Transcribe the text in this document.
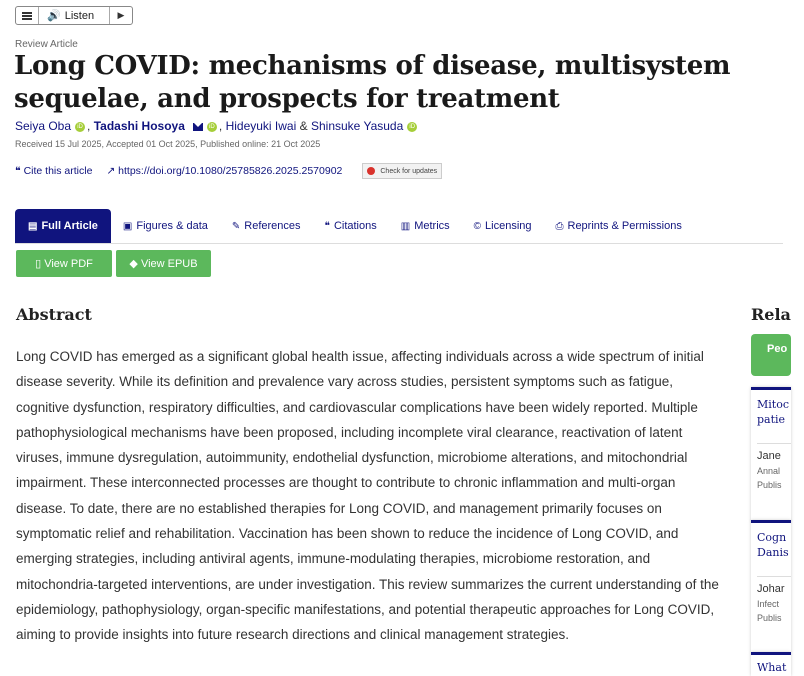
🔊 Listen	▶
Review Article
Long COVID: mechanisms of disease, multisystem sequelae, and prospects for treatment
Seiya Oba iD , Tadashi Hosoya	iD , Hideyuki Iwai & Shinsuke Yasuda iD
Received 15 Jul 2025, Accepted 01 Oct 2025, Published online: 21 Oct 2025
❝ Cite this article ↗ https://doi.org/10.1080/25785826.2025.2570902	Check for updates
▤ Full Article	▣ Figures & data ✎ References ❝ Citations ▥ Metrics © Licensing ⎙ Reprints & Permissions
▯
View PDF	◆
View EPUB
Abstract

Long COVID has emerged as a significant global health issue, affecting individuals across a wide spectrum of initial disease severity. While its definition and prevalence vary across studies, persistent symptoms such as fatigue, cognitive dysfunction, respiratory difficulties, and cardiovascular complications have been widely reported. Multiple pathophysiological mechanisms have been proposed, including incomplete viral clearance, reactivation of latent viruses, immune dysregulation, autoimmunity, endothelial dysfunction, microbiome alterations, and mitochondrial impairment. These interconnected processes are thought to contribute to chronic inflammation and multi-organ disease. To date, there are no established therapies for Long COVID, and management primarily focuses on symptomatic relief and rehabilitation. Vaccination has been shown to reduce the incidence of Long COVID, and emerging strategies, including antiviral agents, immune-modulating therapies, microbiome restoration, and mitochondria-targeted interventions, are under investigation. This review summarizes the current understanding of the epidemiology, pathophysiology, organ-specific manifestations, and potential therapeutic approaches for Long COVID, aiming to provide insights into future research directions and clinical management strategies.

Rela
Peo
Mitoc
patie
Jane
Annal
Publis
Cogn
Danis
Johar
Infect
Publis
What
